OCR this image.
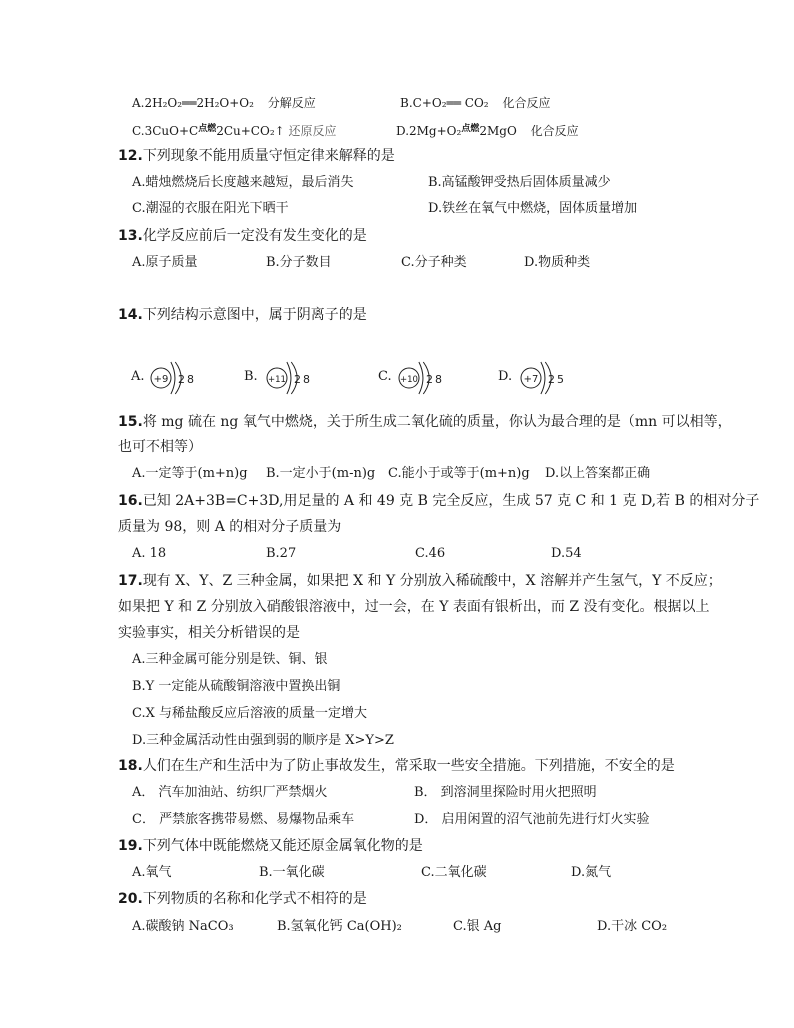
A.2H₂O₂══2H₂O+O₂ 分解反应	B.C+O₂══ CO₂ 化合反应
$C.3CuO+C^{点燃}2Cu+CO_2↑$ 还原反应	D.2Mg+O₂$^{点燃}$2MgO 化合反应
12.下列现象不能用质量守恒定律来解释的是
A.蜡烛燃烧后长度越来越短，最后消失	B.高锰酸钾受热后固体质量减少
C.潮湿的衣服在阳光下晒干	D.铁丝在氧气中燃烧，固体质量增加
13.化学反应前后一定没有发生变化的是
A.原子质量	B.分子数目	C.分子种类	D.物质种类
14.下列结构示意图中，属于阴离子的是
A. +9 28	B. +11 28	C. +10 28	D. +7 25
15.将 mg 硫在 ng 氧气中燃烧，关于所生成二氧化硫的质量，你认为最合理的是（mn 可以相等，
也可不相等）
A.一定等于(m+n)g B.一定小于(m-n)g C.能小于或等于(m+n)g D.以上答案都正确
16.已知 2A+3B=C+3D,用足量的 A 和 49 克 B 完全反应，生成 57 克 C 和 1 克 D,若 B 的相对分子
质量为 98，则 A 的相对分子质量为
A. 18	B.27	C.46	D.54
17.现有 X、Y、Z 三种金属，如果把 X 和 Y 分别放入稀硫酸中，X 溶解并产生氢气，Y 不反应；
如果把 Y 和 Z 分别放入硝酸银溶液中，过一会，在 Y 表面有银析出，而 Z 没有变化。根据以上
实验事实，相关分析错误的是
A.三种金属可能分别是铁、铜、银
B.Y 一定能从硫酸铜溶液中置换出铜
C.X 与稀盐酸反应后溶液的质量一定增大
D.三种金属活动性由强到弱的顺序是 X>Y>Z
18.人们在生产和生活中为了防止事故发生，常采取一些安全措施。下列措施，不安全的是
A． 汽车加油站、纺织厂严禁烟火	B． 到溶洞里探险时用火把照明
C． 严禁旅客携带易燃、易爆物品乘车	D． 启用闲置的沼气池前先进行灯火实验
19.下列气体中既能燃烧又能还原金属氧化物的是
A.氧气	B.一氧化碳	C.二氧化碳	D.氮气
20.下列物质的名称和化学式不相符的是
A.碳酸钠 NaCO₃	B.氢氧化钙 Ca(OH)₂	C.银 Ag	D.干冰 CO₂
